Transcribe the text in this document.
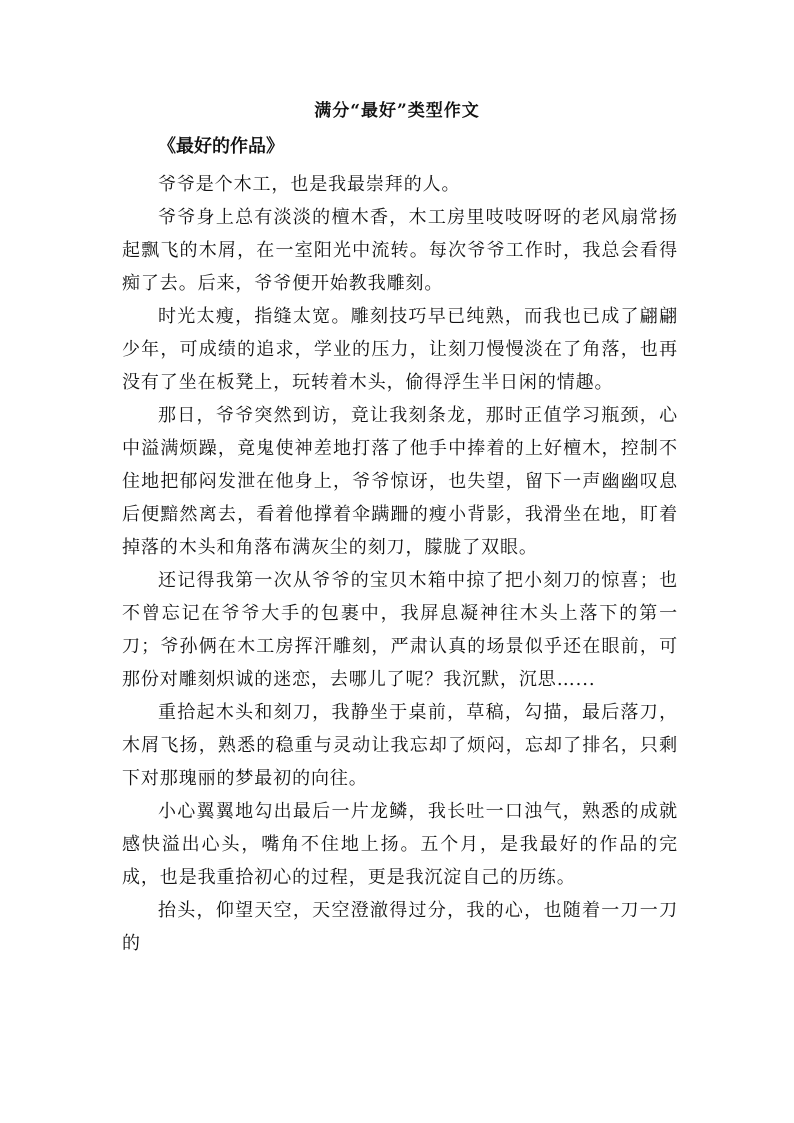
满分“最好”类型作文
《最好的作品》

爷爷是个木工，也是我最崇拜的人。

爷爷身上总有淡淡的檀木香，木工房里吱吱呀呀的老风扇常扬起飘飞的木屑，在一室阳光中流转。每次爷爷工作时，我总会看得痴了去。后来，爷爷便开始教我雕刻。

时光太瘦，指缝太宽。雕刻技巧早已纯熟，而我也已成了翩翩少年，可成绩的追求，学业的压力，让刻刀慢慢淡在了角落，也再没有了坐在板凳上，玩转着木头，偷得浮生半日闲的情趣。

那日，爷爷突然到访，竟让我刻条龙，那时正值学习瓶颈，心中溢满烦躁，竟鬼使神差地打落了他手中捧着的上好檀木，控制不住地把郁闷发泄在他身上，爷爷惊讶，也失望，留下一声幽幽叹息后便黯然离去，看着他撑着伞蹒跚的瘦小背影，我滑坐在地，盯着掉落的木头和角落布满灰尘的刻刀，朦胧了双眼。

还记得我第一次从爷爷的宝贝木箱中掠了把小刻刀的惊喜；也不曾忘记在爷爷大手的包裹中，我屏息凝神往木头上落下的第一刀；爷孙俩在木工房挥汗雕刻，严肃认真的场景似乎还在眼前，可那份对雕刻炽诚的迷恋，去哪儿了呢？我沉默，沉思…...

重拾起木头和刻刀，我静坐于桌前，草稿，勾描，最后落刀，木屑飞扬，熟悉的稳重与灵动让我忘却了烦闷，忘却了排名，只剩下对那瑰丽的梦最初的向往。

小心翼翼地勾出最后一片龙鳞，我长吐一口浊气，熟悉的成就感快溢出心头，嘴角不住地上扬。五个月，是我最好的作品的完成，也是我重拾初心的过程，更是我沉淀自己的历练。

抬头，仰望天空，天空澄澈得过分，我的心，也随着一刀一刀的
